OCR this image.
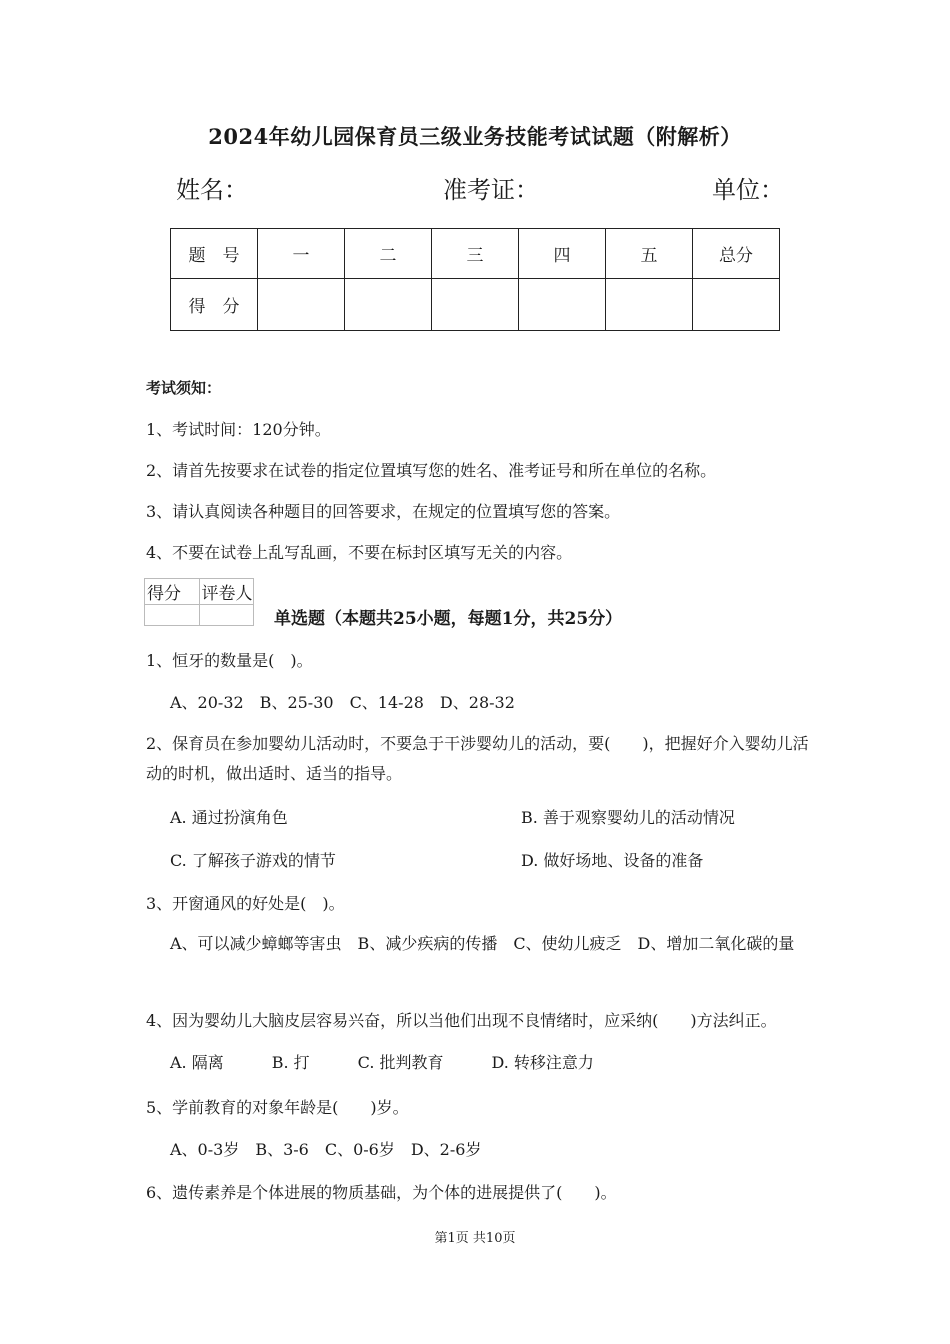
2024年幼儿园保育员三级业务技能考试试题（附解析）
姓名：	准考证：	单位：
题　号	一	二	三	四	五	总分
得　分						
考试须知：
1、考试时间：120分钟。
2、请首先按要求在试卷的指定位置填写您的姓名、准考证号和所在单位的名称。
3、请认真阅读各种题目的回答要求，在规定的位置填写您的答案。
4、不要在试卷上乱写乱画，不要在标封区填写无关的内容。
得分	评卷人

单选题（本题共25小题，每题1分，共25分）
1、恒牙的数量是(　)。
A、20-32　B、25-30　C、14-28　D、28-32
2、保育员在参加婴幼儿活动时，不要急于干涉婴幼儿的活动，要(　　)，把握好介入婴幼儿活动的时机，做出适时、适当的指导。
A. 通过扮演角色	B. 善于观察婴幼儿的活动情况
C. 了解孩子游戏的情节	D. 做好场地、设备的准备
3、开窗通风的好处是(　)。
A、可以减少蟑螂等害虫　B、减少疾病的传播　C、使幼儿疲乏　D、增加二氧化碳的量
4、因为婴幼儿大脑皮层容易兴奋，所以当他们出现不良情绪时，应采纳(　　)方法纠正。
A. 隔离　　　B. 打　　　C. 批判教育　　　D. 转移注意力
5、学前教育的对象年龄是(　　)岁。
A、0-3岁　B、3-6　C、0-6岁　D、2-6岁
6、遗传素养是个体进展的物质基础，为个体的进展提供了(　　)。
第1页 共10页
